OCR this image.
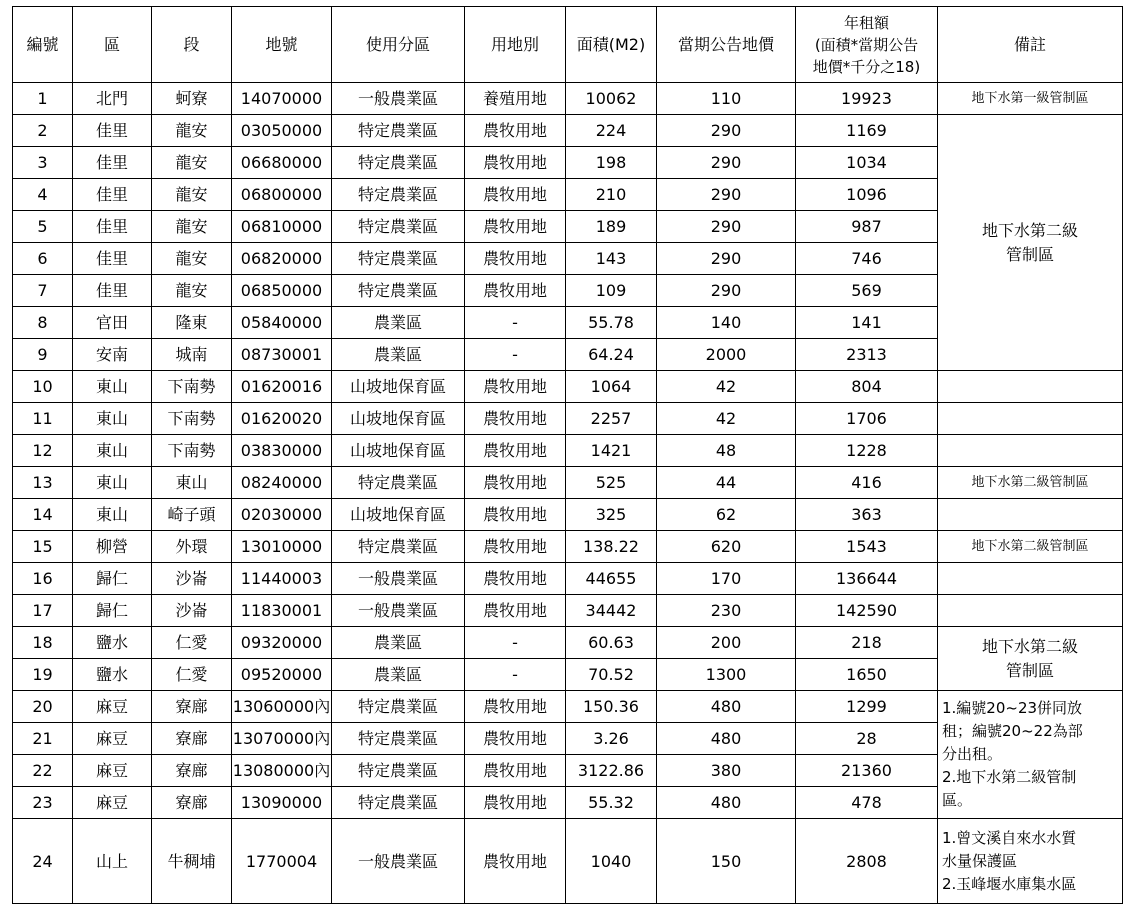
編號	區	段	地號	使用分區	用地別	面積(M2)	當期公告地價	年租額
(面積*當期公告
地價*千分之18)	備註
1	北門	蚵寮	14070000	一般農業區	養殖用地	10062	110	19923	地下水第一級管制區

2	佳里	龍安	03050000	特定農業區	農牧用地	224	290	1169	地下水第二級
管制區

3	佳里	龍安	06680000	特定農業區	農牧用地	198	290	1034	
4	佳里	龍安	06800000	特定農業區	農牧用地	210	290	1096	
5	佳里	龍安	06810000	特定農業區	農牧用地	189	290	987	
6	佳里	龍安	06820000	特定農業區	農牧用地	143	290	746	
7	佳里	龍安	06850000	特定農業區	農牧用地	109	290	569	
8	官田	隆東	05840000	農業區	-	55.78	140	141	
9	安南	城南	08730001	農業區	-	64.24	2000	2313	
10	東山	下南勢	01620016	山坡地保育區	農牧用地	1064	42	804	
11	東山	下南勢	01620020	山坡地保育區	農牧用地	2257	42	1706	
12	東山	下南勢	03830000	山坡地保育區	農牧用地	1421	48	1228	
13	東山	東山	08240000	特定農業區	農牧用地	525	44	416	地下水第二級管制區

14	東山	崎子頭	02030000	山坡地保育區	農牧用地	325	62	363	
15	柳營	外環	13010000	特定農業區	農牧用地	138.22	620	1543	地下水第二級管制區

16	歸仁	沙崙	11440003	一般農業區	農牧用地	44655	170	136644	
17	歸仁	沙崙	11830001	一般農業區	農牧用地	34442	230	142590	
18	鹽水	仁愛	09320000	農業區	-	60.63	200	218	地下水第二級
管制區

19	鹽水	仁愛	09520000	農業區	-	70.52	1300	1650	
20	麻豆	寮廍	13060000內	特定農業區	農牧用地	150.36	480	1299	1.編號20~23併同放
租；編號20~22為部
分出租。
2.地下水第二級管制
區。

21	麻豆	寮廍	13070000內	特定農業區	農牧用地	3.26	480	28	
22	麻豆	寮廍	13080000內	特定農業區	農牧用地	3122.86	380	21360	
23	麻豆	寮廍	13090000	特定農業區	農牧用地	55.32	480	478	
24	山上	牛稠埔	1770004	一般農業區	農牧用地	1040	150	2808	1.曾文溪自來水水質
水量保護區
2.玉峰堰水庫集水區
